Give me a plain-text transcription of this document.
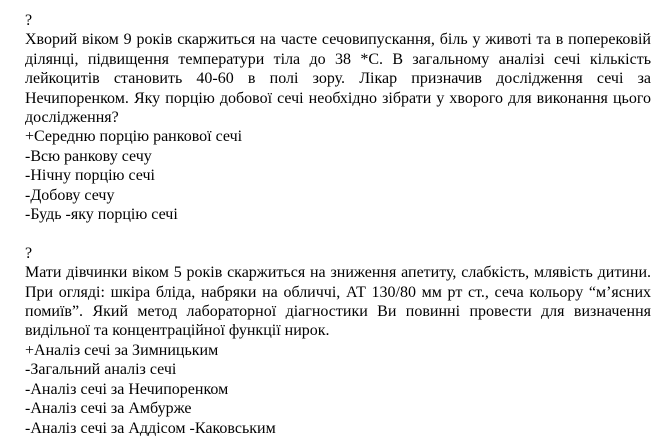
?
Хворий віком 9 років скаржиться на часте сечовипускання, біль у животі та в поперековій ділянці, підвищення температури тіла до 38 *С. В загальному аналізі сечі кількість лейкоцитів становить 40-60 в полі зору. Лікар призначив дослідження сечі за Нечипоренком. Яку порцію добової сечі необхідно зібрати у хворого для виконання цього дослідження?
+Середню порцію ранкової сечі
-Всю ранкову сечу
-Нічну порцію сечі
-Добову сечу
-Будь -яку порцію сечі
?
Мати дівчинки віком 5 років скаржиться на зниження апетиту, слабкість, млявість дитини. При огляді: шкіра бліда, набряки на обличчі, АТ 130/80 мм рт ст., сеча кольору “м’ясних помиїв”. Який метод лабораторної діагностики Ви повинні провести для визначення видільної та концентраційної функції нирок.
+Аналіз сечі за Зимницьким
-Загальний аналіз сечі
-Аналіз сечі за Нечипоренком
-Аналіз сечі за Амбурже
-Аналіз сечі за Аддісом -Каковським
